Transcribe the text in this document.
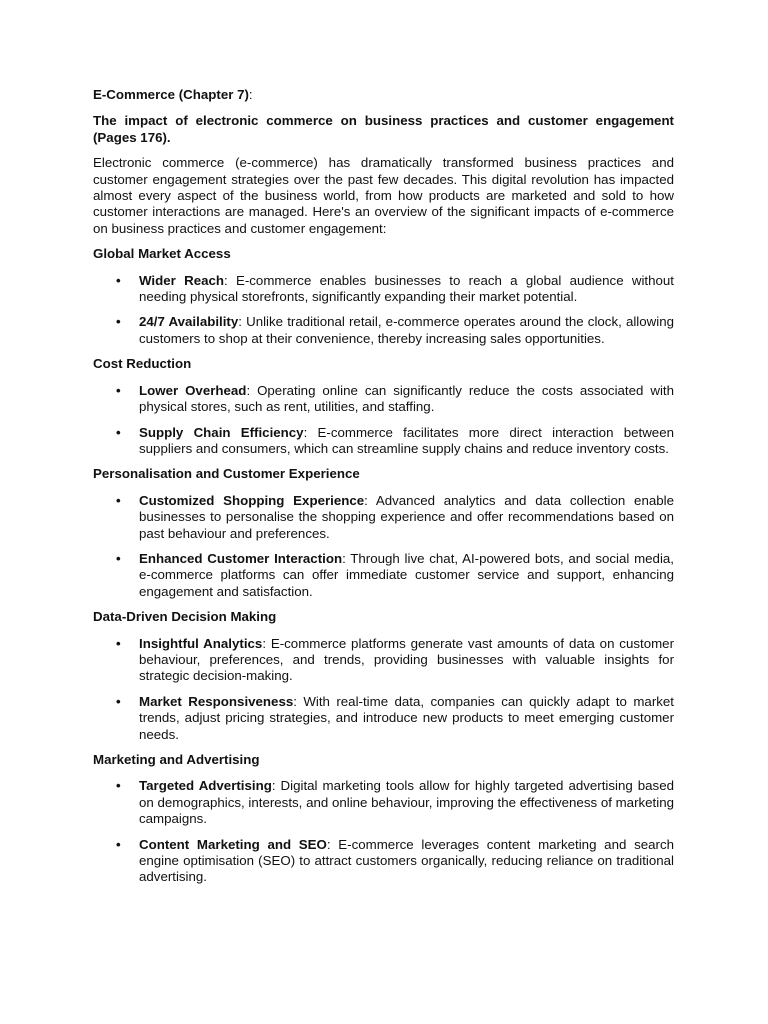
E-Commerce (Chapter 7):

The impact of electronic commerce on business practices and customer engagement (Pages 176).

Electronic commerce (e-commerce) has dramatically transformed business practices and customer engagement strategies over the past few decades. This digital revolution has impacted almost every aspect of the business world, from how products are marketed and sold to how customer interactions are managed. Here's an overview of the significant impacts of e-commerce on business practices and customer engagement:

Global Market Access

• Wider Reach: E-commerce enables businesses to reach a global audience without needing physical storefronts, significantly expanding their market potential.
• 24/7 Availability: Unlike traditional retail, e-commerce operates around the clock, allowing customers to shop at their convenience, thereby increasing sales opportunities.

Cost Reduction

• Lower Overhead: Operating online can significantly reduce the costs associated with physical stores, such as rent, utilities, and staffing.
• Supply Chain Efficiency: E-commerce facilitates more direct interaction between suppliers and consumers, which can streamline supply chains and reduce inventory costs.

Personalisation and Customer Experience

• Customized Shopping Experience: Advanced analytics and data collection enable businesses to personalise the shopping experience and offer recommendations based on past behaviour and preferences.
• Enhanced Customer Interaction: Through live chat, AI-powered bots, and social media, e-commerce platforms can offer immediate customer service and support, enhancing engagement and satisfaction.

Data-Driven Decision Making

• Insightful Analytics: E-commerce platforms generate vast amounts of data on customer behaviour, preferences, and trends, providing businesses with valuable insights for strategic decision-making.
• Market Responsiveness: With real-time data, companies can quickly adapt to market trends, adjust pricing strategies, and introduce new products to meet emerging customer needs.

Marketing and Advertising

• Targeted Advertising: Digital marketing tools allow for highly targeted advertising based on demographics, interests, and online behaviour, improving the effectiveness of marketing campaigns.
• Content Marketing and SEO: E-commerce leverages content marketing and search engine optimisation (SEO) to attract customers organically, reducing reliance on traditional advertising.
